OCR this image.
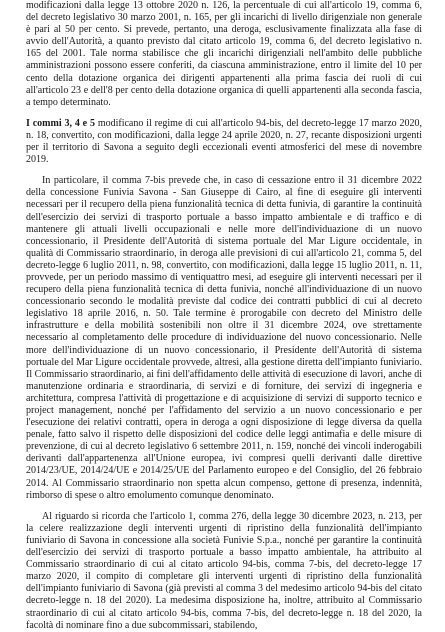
modificazioni dalla legge 13 ottobre 2020 n. 126, la percentuale di cui all'articolo 19, comma 6, del decreto legislativo 30 marzo 2001, n. 165, per gli incarichi di livello dirigenziale non generale è pari al 50 per cento. Si prevede, pertanto, una deroga, esclusivamente finalizzata alla fase di avvio dell'Autorità, a quanto previsto dal citato articolo 19, comma 6, del decreto legislativo n. 165 del 2001. Tale norma stabilisce che gli incarichi dirigenziali nell'ambito delle pubbliche amministrazioni possono essere conferiti, da ciascuna amministrazione, entro il limite del 10 per cento della dotazione organica dei dirigenti appartenenti alla prima fascia dei ruoli di cui all'articolo 23 e dell'8 per cento della dotazione organica di quelli appartenenti alla seconda fascia, a tempo determinato.

I commi 3, 4 e 5 modificano il regime di cui all'articolo 94-bis, del decreto-legge 17 marzo 2020, n. 18, convertito, con modificazioni, dalla legge 24 aprile 2020, n. 27, recante disposizioni urgenti per il territorio di Savona a seguito degli eccezionali eventi atmosferici del mese di novembre 2019.

In particolare, il comma 7-bis prevede che, in caso di cessazione entro il 31 dicembre 2022 della concessione Funivia Savona - San Giuseppe di Cairo, al fine di eseguire gli interventi necessari per il recupero della piena funzionalità tecnica di detta funivia, di garantire la continuità dell'esercizio dei servizi di trasporto portuale a basso impatto ambientale e di traffico e di mantenere gli attuali livelli occupazionali e nelle more dell'individuazione di un nuovo concessionario, il Presidente dell'Autorità di sistema portuale del Mar Ligure occidentale, in qualità di Commissario straordinario, in deroga alle previsioni di cui all'articolo 21, comma 5, del decreto-legge 6 luglio 2011, n. 98, convertito, con modificazioni, dalla legge 15 luglio 2011, n. 11, provvede, per un periodo massimo di ventiquattro mesi, ad eseguire gli interventi necessari per il recupero della piena funzionalità tecnica di detta funivia, nonché all'individuazione di un nuovo concessionario secondo le modalità previste dal codice dei contratti pubblici di cui al decreto legislativo 18 aprile 2016, n. 50. Tale termine è prorogabile con decreto del Ministro delle infrastrutture e della mobilità sostenibili non oltre il 31 dicembre 2024, ove strettamente necessario al completamento delle procedure di individuazione del nuovo concessionario. Nelle more dell'individuazione di un nuovo concessionario, il Presidente dell'Autorità di sistema portuale del Mar Ligure occidentale provvede, altresì, alla gestione diretta dell'impianto funiviario. Il Commissario straordinario, ai fini dell'affidamento delle attività di esecuzione di lavori, anche di manutenzione ordinaria e straordinaria, di servizi e di forniture, dei servizi di ingegneria e architettura, compresa l'attività di progettazione e di acquisizione di servizi di supporto tecnico e project management, nonché per l'affidamento del servizio a un nuovo concessionario e per l'esecuzione dei relativi contratti, opera in deroga a ogni disposizione di legge diversa da quella penale, fatto salvo il rispetto delle disposizioni del codice delle leggi antimafia e delle misure di prevenzione, di cui al decreto legislativo 6 settembre 2011, n. 159, nonché dei vincoli inderogabili derivanti dall'appartenenza all'Unione europea, ivi compresi quelli derivanti dalle direttive 2014/23/UE, 2014/24/UE e 2014/25/UE del Parlamento europeo e del Consiglio, del 26 febbraio 2014. Al Commissario straordinario non spetta alcun compenso, gettone di presenza, indennità, rimborso di spese o altro emolumento comunque denominato.

Al riguardo si ricorda che l'articolo 1, comma 276, della legge 30 dicembre 2023, n. 213, per la celere realizzazione degli interventi urgenti di ripristino della funzionalità dell'impianto funiviario di Savona in concessione alla società Funivie S.p.a., nonché per garantire la continuità dell'esercizio dei servizi di trasporto portuale a basso impatto ambientale, ha attribuito al Commissario straordinario di cui al citato articolo 94-bis, comma 7-bis, del decreto-legge 17 marzo 2020, il compito di completare gli interventi urgenti di ripristino della funzionalità dell'impianto funiviario di Savona (già previsti al comma 3 del medesimo articolo 94-bis del citato decreto-legge n. 18 del 2020). La medesima disposizione ha, inoltre, attribuito al Commissario straordinario di cui al citato articolo 94-bis, comma 7-bis, del decreto-legge n. 18 del 2020, la facoltà di nominare fino a due subcommissari, stabilendo,
